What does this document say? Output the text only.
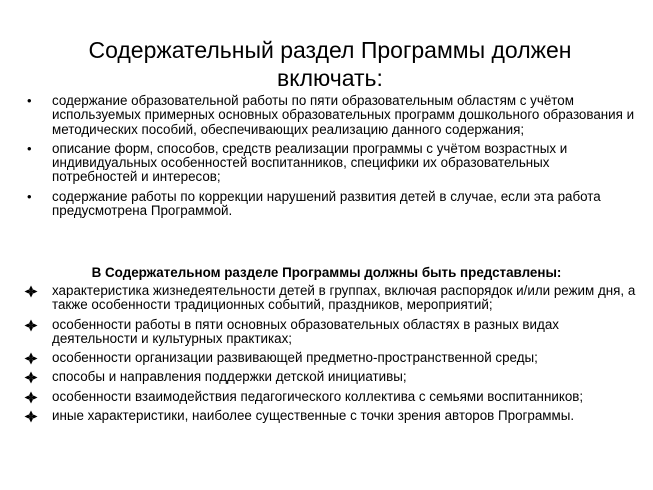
Содержательный раздел Программы должен включать:
• содержание образовательной работы по пяти образовательным областям с учётом используемых примерных основных образовательных программ дошкольного образования и методических пособий, обеспечивающих реализацию данного содержания;
• описание форм, способов, средств реализации программы с учётом возрастных и индивидуальных особенностей воспитанников, специфики их образовательных потребностей и интересов;
• содержание работы по коррекции нарушений развития детей в случае, если эта работа предусмотрена Программой.

В Содержательном разделе Программы должны быть представлены:

характеристика жизнедеятельности детей в группах, включая распорядок и/или режим дня, а также особенности традиционных событий, праздников, мероприятий;
особенности работы в пяти основных образовательных областях в разных видах деятельности и культурных практиках;
особенности организации развивающей предметно-пространственной среды;
способы и направления поддержки детской инициативы;
особенности взаимодействия педагогического коллектива с семьями воспитанников;
иные характеристики, наиболее существенные с точки зрения авторов Программы.
